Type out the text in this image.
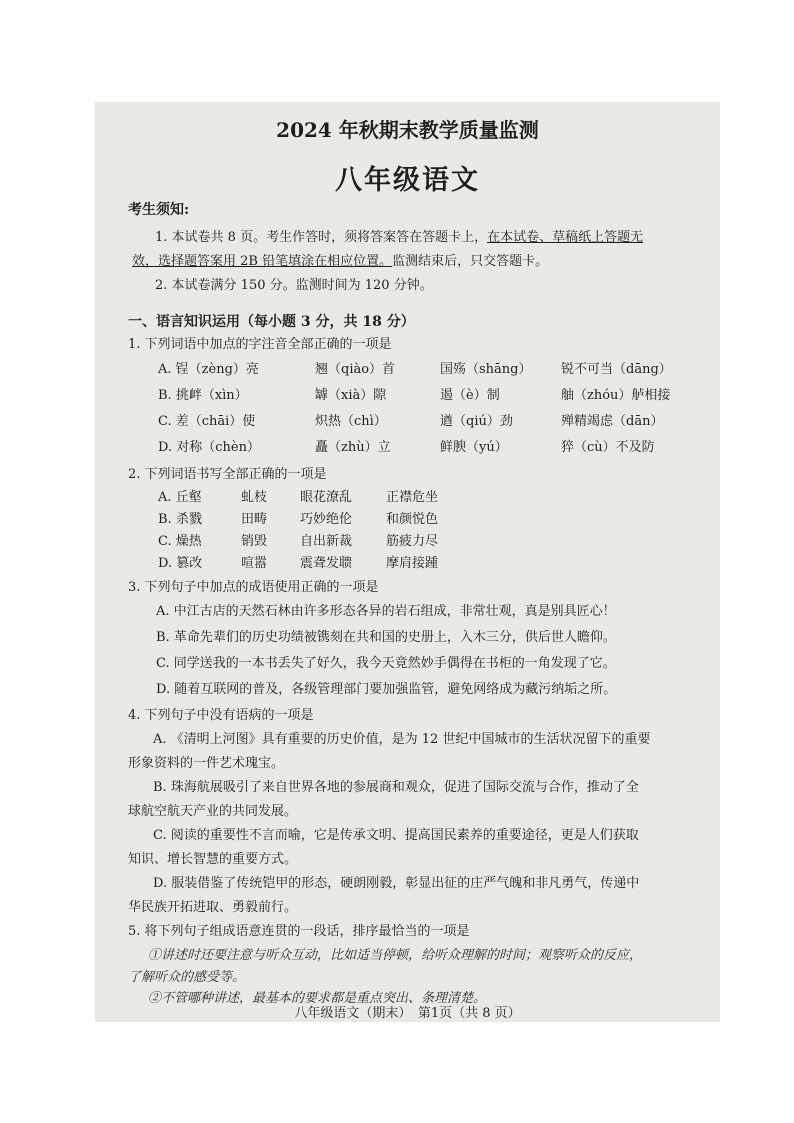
2024 年秋期末教学质量监测
八年级语文
考生须知:
1. 本试卷共 8 页。考生作答时，须将答案答在答题卡上，在本试卷、草稿纸上答题无
效，选择题答案用 2B 铅笔填涂在相应位置。监测结束后，只交答题卡。
2. 本试卷满分 150 分。监测时间为 120 分钟。
一、语言知识运用（每小题 3 分，共 18 分）
1. 下列词语中加点的字注音全部正确的一项是
A. 锃（zèng）亮	翘（qiào）首	国殇（shāng） 锐不可当（dāng）
B. 挑衅（xìn）	罅（xià）隙	遏（è）制	舳（zhóu）舻相接
C. 差（chāi）使	炽热（chì）	遒（qiú）劲	殚精竭虑（dān）
D. 对称（chèn）	矗（zhù）立	鲜腴（yú）	猝（cù）不及防
2. 下列词语书写全部正确的一项是
A. 丘壑	虬枝	眼花潦乱	正襟危坐
B. 杀戮	田畴	巧妙绝伦	和颜悦色
C. 燥热	销毁	自出新裁	筋疲力尽
D. 篡改	喧嚣	震聋发聩	摩肩接踵
3. 下列句子中加点的成语使用正确的一项是
A. 中江古店的天然石林由许多形态各异的岩石组成，非常壮观，真是别具匠心！
B. 革命先辈们的历史功绩被镌刻在共和国的史册上，入木三分，供后世人瞻仰。
C. 同学送我的一本书丢失了好久，我今天竟然妙手偶得在书柜的一角发现了它。
D. 随着互联网的普及，各级管理部门要加强监管，避免网络成为藏污纳垢之所。
4. 下列句子中没有语病的一项是
A. 《清明上河图》具有重要的历史价值，是为 12 世纪中国城市的生活状况留下的重要
形象资料的一件艺术瑰宝。
B. 珠海航展吸引了来自世界各地的参展商和观众，促进了国际交流与合作，推动了全
球航空航天产业的共同发展。
C. 阅读的重要性不言而喻，它是传承文明、提高国民素养的重要途径，更是人们获取
知识、增长智慧的重要方式。
D. 服装借鉴了传统铠甲的形态，硬朗刚毅，彰显出征的庄严气魄和非凡勇气，传递中
华民族开拓进取、勇毅前行。
5. 将下列句子组成语意连贯的一段话，排序最恰当的一项是
①讲述时还要注意与听众互动，比如适当停顿，给听众理解的时间；观察听众的反应，
了解听众的感受等。
②不管哪种讲述，最基本的要求都是重点突出、条理清楚。
八年级语文（期末）　第1页（共 8 页）
